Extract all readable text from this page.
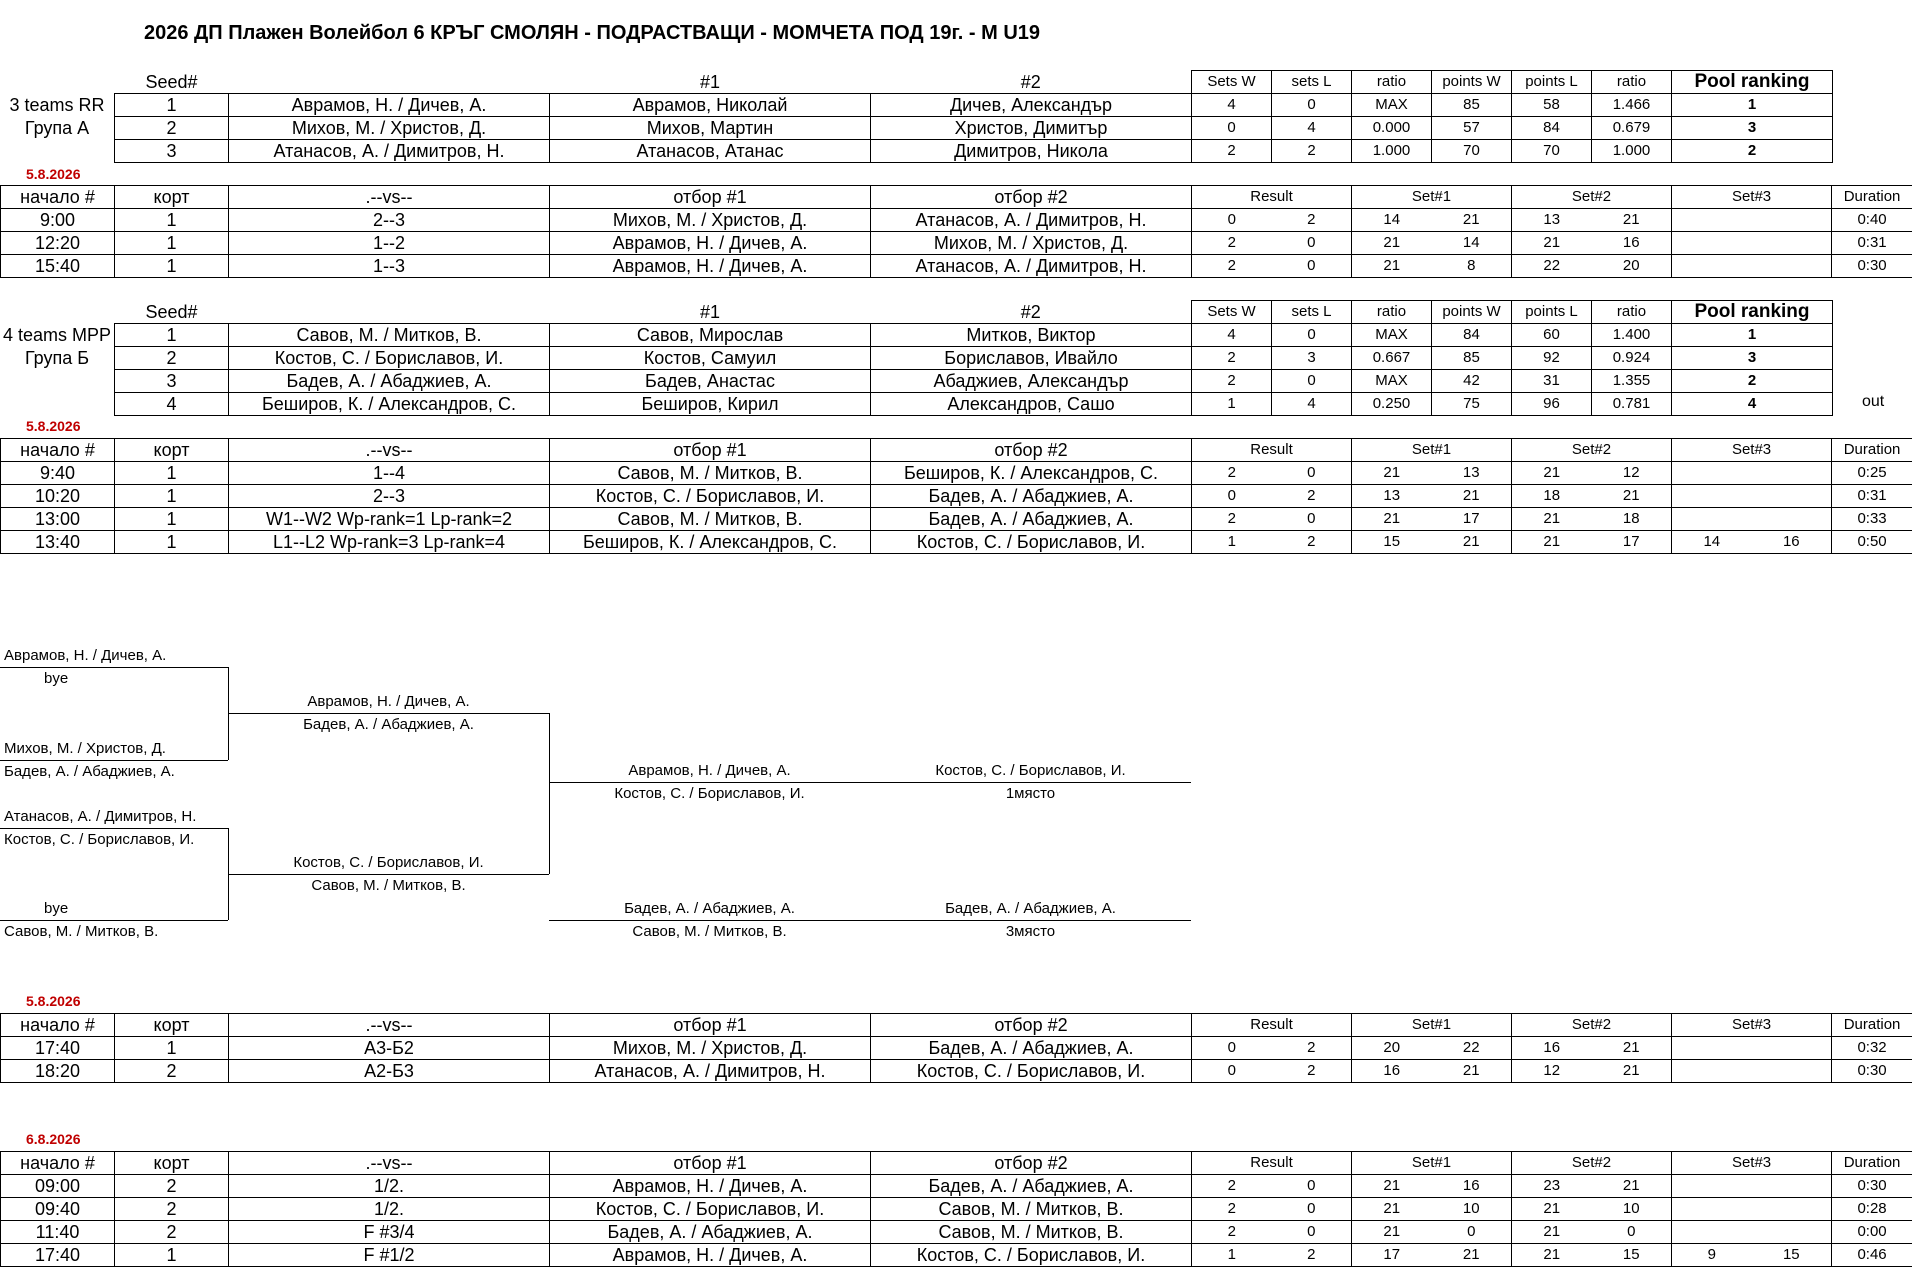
2026 ДП Плажен Волейбол 6 КРЪГ СМОЛЯН - ПОДРАСТВАЩИ - МОМЧЕТА ПОД 19г. - М U19
3 teams RR
Група А
Seed#		#1	#2	Sets W	sets L	ratio	points W	points L	ratio	Pool ranking
1	Аврамов, Н. / Дичев, А.	Аврамов, Николай	Дичев, Александър	4	0	MAX	85	58	1.466	1
2	Михов, М. / Христов, Д.	Михов, Мартин	Христов, Димитър	0	4	0.000	57	84	0.679	3
3	Атанасов, А. / Димитров, Н.	Атанасов, Атанас	Димитров, Никола	2	2	1.000	70	70	1.000	2
5.8.2026
начало #	корт	.--vs--	отбор #1	отбор #2	Result		Set#1		Set#2		Set#3		Duration
9:00	1	2--3	Михов, М. / Христов, Д.	Атанасов, А. / Димитров, Н.	0	2	14	21	13	21			0:40
12:20	1	1--2	Аврамов, Н. / Дичев, А.	Михов, М. / Христов, Д.	2	0	21	14	21	16			0:31
15:40	1	1--3	Аврамов, Н. / Дичев, А.	Атанасов, А. / Димитров, Н.	2	0	21	8	22	20			0:30
4 teams MPP
Група Б
Seed#		#1	#2	Sets W	sets L	ratio	points W	points L	ratio	Pool ranking
1	Савов, М. / Митков, В.	Савов, Мирослав	Митков, Виктор	4	0	MAX	84	60	1.400	1
2	Костов, С. / Бориславов, И.	Костов, Самуил	Бориславов, Ивайло	2	3	0.667	85	92	0.924	3
3	Бадев, А. / Абаджиев, А.	Бадев, Анастас	Абаджиев, Александър	2	0	MAX	42	31	1.355	2
4	Беширов, К. / Александров, С.	Беширов, Кирил	Александров, Сашо	1	4	0.250	75	96	0.781	4	out
5.8.2026
начало #	корт	.--vs--	отбор #1	отбор #2	Result		Set#1		Set#2		Set#3		Duration
9:40	1	1--4	Савов, М. / Митков, В.	Беширов, К. / Александров, С.	2	0	21	13	21	12			0:25
10:20	1	2--3	Костов, С. / Бориславов, И.	Бадев, А. / Абаджиев, А.	0	2	13	21	18	21			0:31
13:00	1	W1--W2 Wp-rank=1 Lp-rank=2	Савов, М. / Митков, В.	Бадев, А. / Абаджиев, А.	2	0	21	17	21	18			0:33
13:40	1	L1--L2 Wp-rank=3 Lp-rank=4	Беширов, К. / Александров, С.	Костов, С. / Бориславов, И.	1	2	15	21	21	17	14	16	0:50
Аврамов, Н. / Дичев, А.
bye
Михов, М. / Христов, Д.
Бадев, А. / Абаджиев, А.
Атанасов, А. / Димитров, Н.
Костов, С. / Бориславов, И.
bye
Савов, М. / Митков, В.
Аврамов, Н. / Дичев, А.
Бадев, А. / Абаджиев, А.
Костов, С. / Бориславов, И.
Савов, М. / Митков, В.
Аврамов, Н. / Дичев, А.
Костов, С. / Бориславов, И.
Костов, С. / Бориславов, И.
1място
Бадев, А. / Абаджиев, А.
Савов, М. / Митков, В.
Бадев, А. / Абаджиев, А.
3място
5.8.2026
начало #	корт	.--vs--	отбор #1	отбор #2	Result		Set#1		Set#2		Set#3		Duration
17:40	1	А3-Б2	Михов, М. / Христов, Д.	Бадев, А. / Абаджиев, А.	0	2	20	22	16	21			0:32
18:20	2	А2-Б3	Атанасов, А. / Димитров, Н.	Костов, С. / Бориславов, И.	0	2	16	21	12	21			0:30
6.8.2026
начало #	корт	.--vs--	отбор #1	отбор #2	Result		Set#1		Set#2		Set#3		Duration
09:00	2	1/2.	Аврамов, Н. / Дичев, А.	Бадев, А. / Абаджиев, А.	2	0	21	16	23	21			0:30
09:40	2	1/2.	Костов, С. / Бориславов, И.	Савов, М. / Митков, В.	2	0	21	10	21	10			0:28
11:40	2	F #3/4	Бадев, А. / Абаджиев, А.	Савов, М. / Митков, В.	2	0	21	0	21	0			0:00
17:40	1	F #1/2	Аврамов, Н. / Дичев, А.	Костов, С. / Бориславов, И.	1	2	17	21	21	15	9	15	0:46
